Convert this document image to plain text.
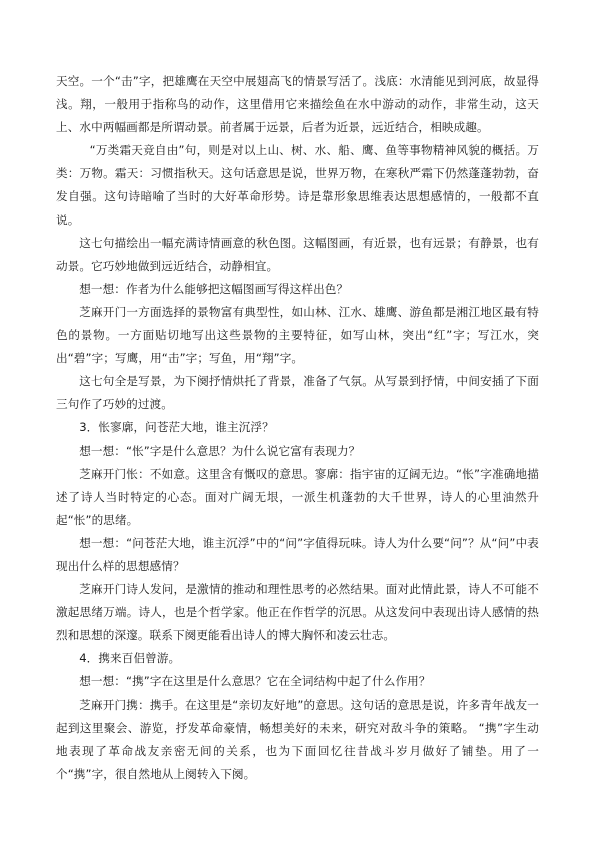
天空。一个“击”字，把雄鹰在天空中展翅高飞的情景写活了。浅底：水清能见到河底，故显得浅。翔，一般用于指称鸟的动作，这里借用它来描绘鱼在水中游动的动作，非常生动，这天上、水中两幅画都是所谓动景。前者属于远景，后者为近景，远近结合，相映成趣。

“万类霜天竞自由”句，则是对以上山、树、水、船、鹰、鱼等事物精神风貌的概括。万类：万物。霜天：习惯指秋天。这句话意思是说，世界万物，在寒秋严霜下仍然蓬蓬勃勃，奋发自强。这句诗暗喻了当时的大好革命形势。诗是靠形象思维表达思想感情的，一般都不直说。

这七句描绘出一幅充满诗情画意的秋色图。这幅图画，有近景，也有远景；有静景，也有动景。它巧妙地做到远近结合，动静相宜。

想一想：作者为什么能够把这幅图画写得这样出色？

芝麻开门一方面选择的景物富有典型性，如山林、江水、雄鹰、游鱼都是湘江地区最有特色的景物。一方面贴切地写出这些景物的主要特征，如写山林，突出“红”字；写江水，突出“碧”字；写鹰，用“击”字；写鱼，用“翔”字。

这七句全是写景，为下阕抒情烘托了背景，准备了气氛。从写景到抒情，中间安插了下面三句作了巧妙的过渡。

3．怅寥廓，问苍茫大地，谁主沉浮？

想一想：“怅”字是什么意思？为什么说它富有表现力？

芝麻开门怅：不如意。这里含有慨叹的意思。寥廓：指宇宙的辽阔无边。“怅”字准确地描述了诗人当时特定的心态。面对广阔无垠，一派生机蓬勃的大千世界，诗人的心里油然升起“怅”的思绪。

想一想：“问苍茫大地，谁主沉浮”中的“问”字值得玩味。诗人为什么要“问”？从“问”中表现出什么样的思想感情？

芝麻开门诗人发问，是激情的推动和理性思考的必然结果。面对此情此景，诗人不可能不激起思绪万端。诗人，也是个哲学家。他正在作哲学的沉思。从这发问中表现出诗人感情的热烈和思想的深邃。联系下阕更能看出诗人的博大胸怀和凌云壮志。

4．携来百侣曾游。

想一想：“携”字在这里是什么意思？它在全词结构中起了什么作用？

芝麻开门携：携手。在这里是“亲切友好地”的意思。这句话的意思是说，许多青年战友一起到这里聚会、游览，抒发革命豪情，畅想美好的未来，研究对敌斗争的策略。 “携”字生动地表现了革命战友亲密无间的关系，也为下面回忆往昔战斗岁月做好了铺垫。用了一个“携”字，很自然地从上阕转入下阕。
